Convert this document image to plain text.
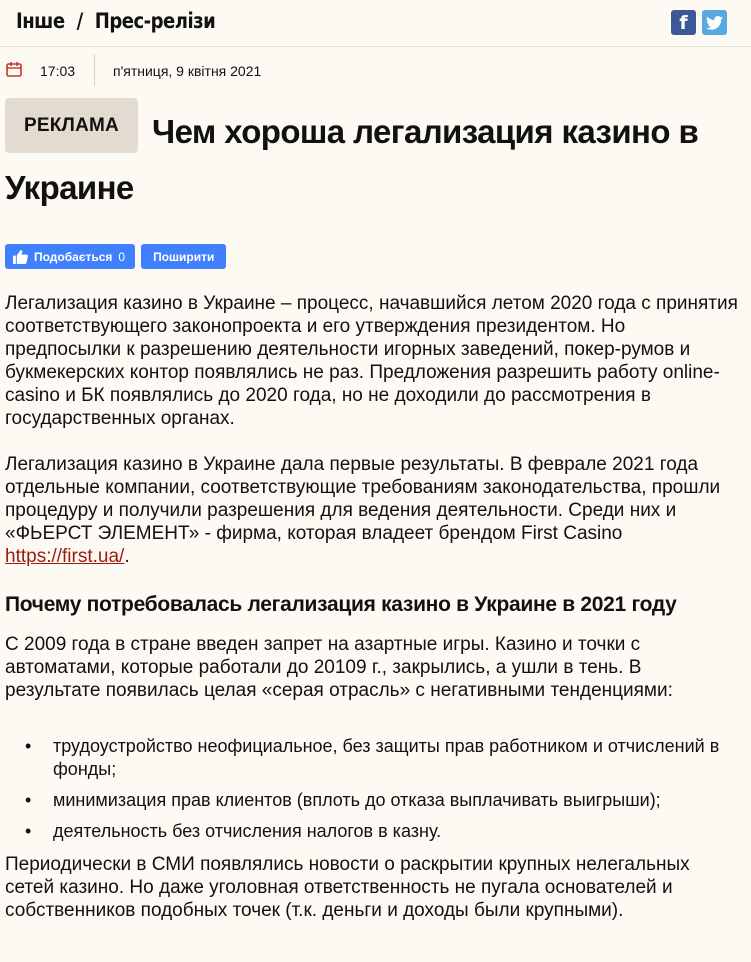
Інше / Прес-релізи	f
17:03	п'ятниця, 9 квітня 2021
РЕКЛАМА	Чем хороша легализация казино в Украине
Подобається 0	Поширити

Легализация казино в Украине – процесс, начавшийся летом 2020 года с принятия соответствующего законопроекта и его утверждения президентом. Но предпосылки к разрешению деятельности игорных заведений, покер-румов и букмекерских контор появлялись не раз. Предложения разрешить работу online-casino и БК появлялись до 2020 года, но не доходили до рассмотрения в государственных органах.

Легализация казино в Украине дала первые результаты. В феврале 2021 года отдельные компании, соответствующие требованиям законодательства, прошли процедуру и получили разрешения для ведения деятельности. Среди них и «ФЬЕРСТ ЭЛЕМЕНТ» - фирма, которая владеет брендом First Casino https://first.ua/.

Почему потребовалась легализация казино в Украине в 2021 году

С 2009 года в стране введен запрет на азартные игры. Казино и точки с автоматами, которые работали до 20109 г., закрылись, а ушли в тень. В результате появилась целая «серая отрасль» с негативными тенденциями:

• трудоустройство неофициальное, без защиты прав работником и отчислений в фонды;
• минимизация прав клиентов (вплоть до отказа выплачивать выигрыши);
• деятельность без отчисления налогов в казну.

Периодически в СМИ появлялись новости о раскрытии крупных нелегальных сетей казино. Но даже уголовная ответственность не пугала основателей и собственников подобных точек (т.к. деньги и доходы были крупными).
